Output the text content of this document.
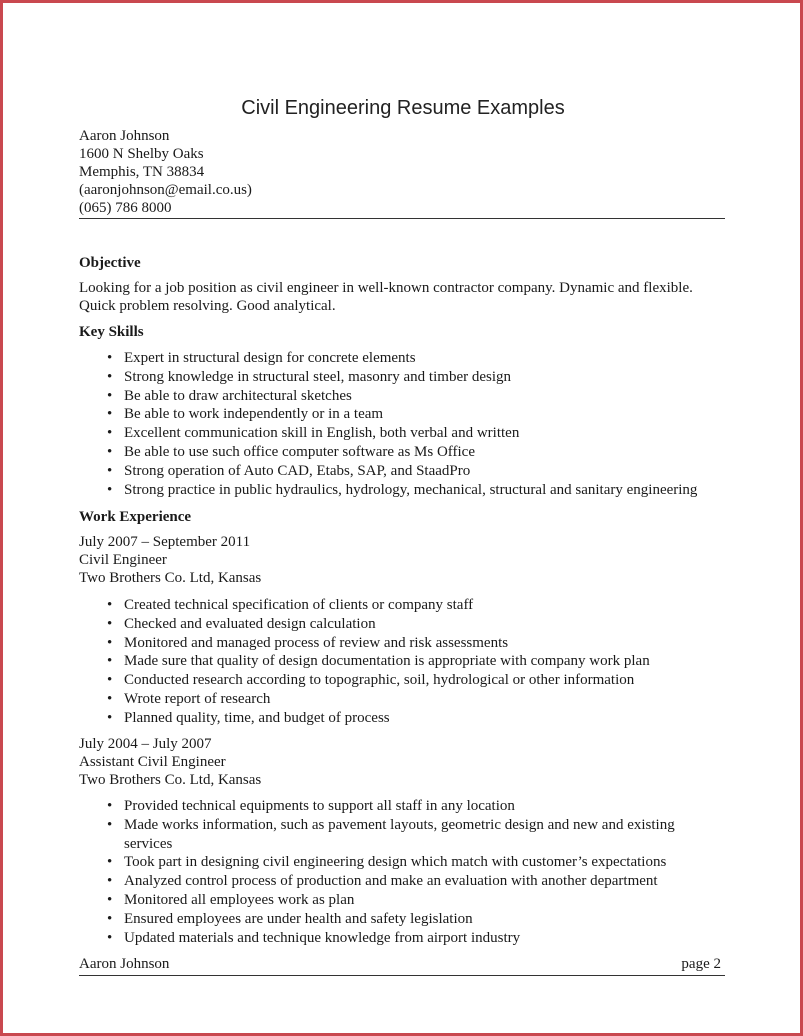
Civil Engineering Resume Examples
Aaron Johnson
1600 N Shelby Oaks
Memphis, TN 38834
(aaronjohnson@email.co.us)
(065) 786 8000
Objective
Looking for a job position as civil engineer in well-known contractor company. Dynamic and flexible. Quick problem resolving. Good analytical.
Key Skills
• Expert in structural design for concrete elements
• Strong knowledge in structural steel, masonry and timber design
• Be able to draw architectural sketches
• Be able to work independently or in a team
• Excellent communication skill in English, both verbal and written
• Be able to use such office computer software as Ms Office
• Strong operation of Auto CAD, Etabs, SAP, and StaadPro
• Strong practice in public hydraulics, hydrology, mechanical, structural and sanitary engineering
Work Experience
July 2007 – September 2011
Civil Engineer
Two Brothers Co. Ltd, Kansas
• Created technical specification of clients or company staff
• Checked and evaluated design calculation
• Monitored and managed process of review and risk assessments
• Made sure that quality of design documentation is appropriate with company work plan
• Conducted research according to topographic, soil, hydrological or other information
• Wrote report of research
• Planned quality, time, and budget of process
July 2004 – July 2007
Assistant Civil Engineer
Two Brothers Co. Ltd, Kansas
• Provided technical equipments to support all staff in any location
• Made works information, such as pavement layouts, geometric design and new and existing services
• Took part in designing civil engineering design which match with customer’s expectations
• Analyzed control process of production and make an evaluation with another department
• Monitored all employees work as plan
• Ensured employees are under health and safety legislation
• Updated materials and technique knowledge from airport industry
Aaron Johnson	page 2
